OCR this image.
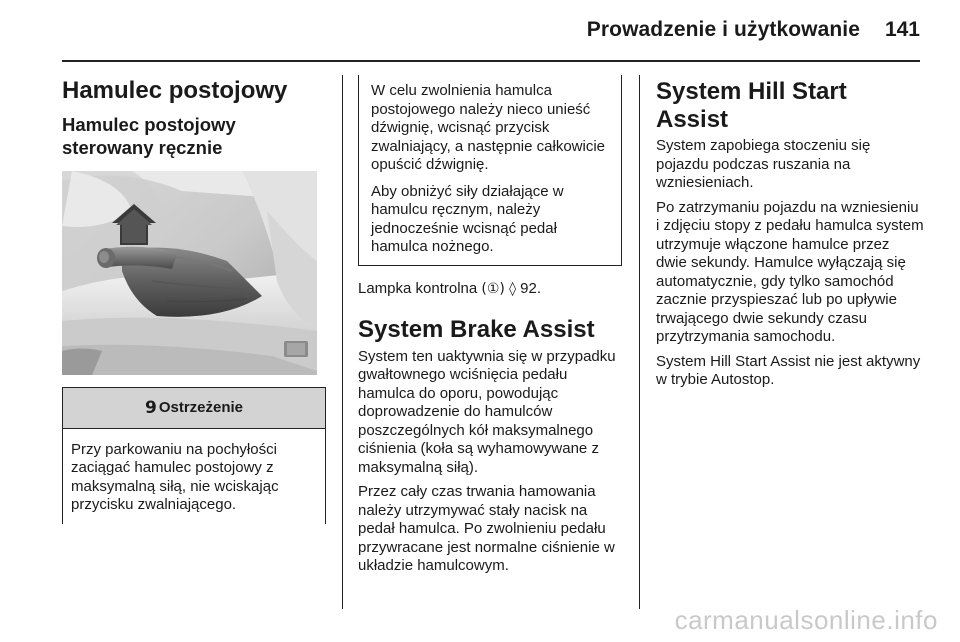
Prowadzenie i użytkowanie 141
Hamulec postojowy
Hamulec postojowy sterowany ręcznie
9 Ostrzeżenie

Przy parkowaniu na pochyłości zaciągać hamulec postojowy z maksymalną siłą, nie wciskając przycisku zwalniającego.

W celu zwolnienia hamulca postojowego należy nieco unieść dźwignię, wcisnąć przycisk zwalniający, a następnie całkowicie opuścić dźwignię.

Aby obniżyć siły działające w hamulcu ręcznym, należy jednocześnie wcisnąć pedał hamulca nożnego.

Lampka kontrolna (①) ◊ 92.

System Brake Assist

System ten uaktywnia się w przypadku gwałtownego wciśnięcia pedału hamulca do oporu, powodując doprowadzenie do hamulców poszczególnych kół maksymalnego ciśnienia (koła są wyhamowywane z maksymalną siłą).

Przez cały czas trwania hamowania należy utrzymywać stały nacisk na pedał hamulca. Po zwolnieniu pedału przywracane jest normalne ciśnienie w układzie hamulcowym.

System Hill Start Assist

System zapobiega stoczeniu się pojazdu podczas ruszania na wzniesieniach.

Po zatrzymaniu pojazdu na wzniesieniu i zdjęciu stopy z pedału hamulca system utrzymuje włączone hamulce przez dwie sekundy. Hamulce wyłączają się automatycznie, gdy tylko samochód zacznie przyspieszać lub po upływie trwającego dwie sekundy czasu przytrzymania samochodu.

System Hill Start Assist nie jest aktywny w trybie Autostop.

carmanualsonline.info
